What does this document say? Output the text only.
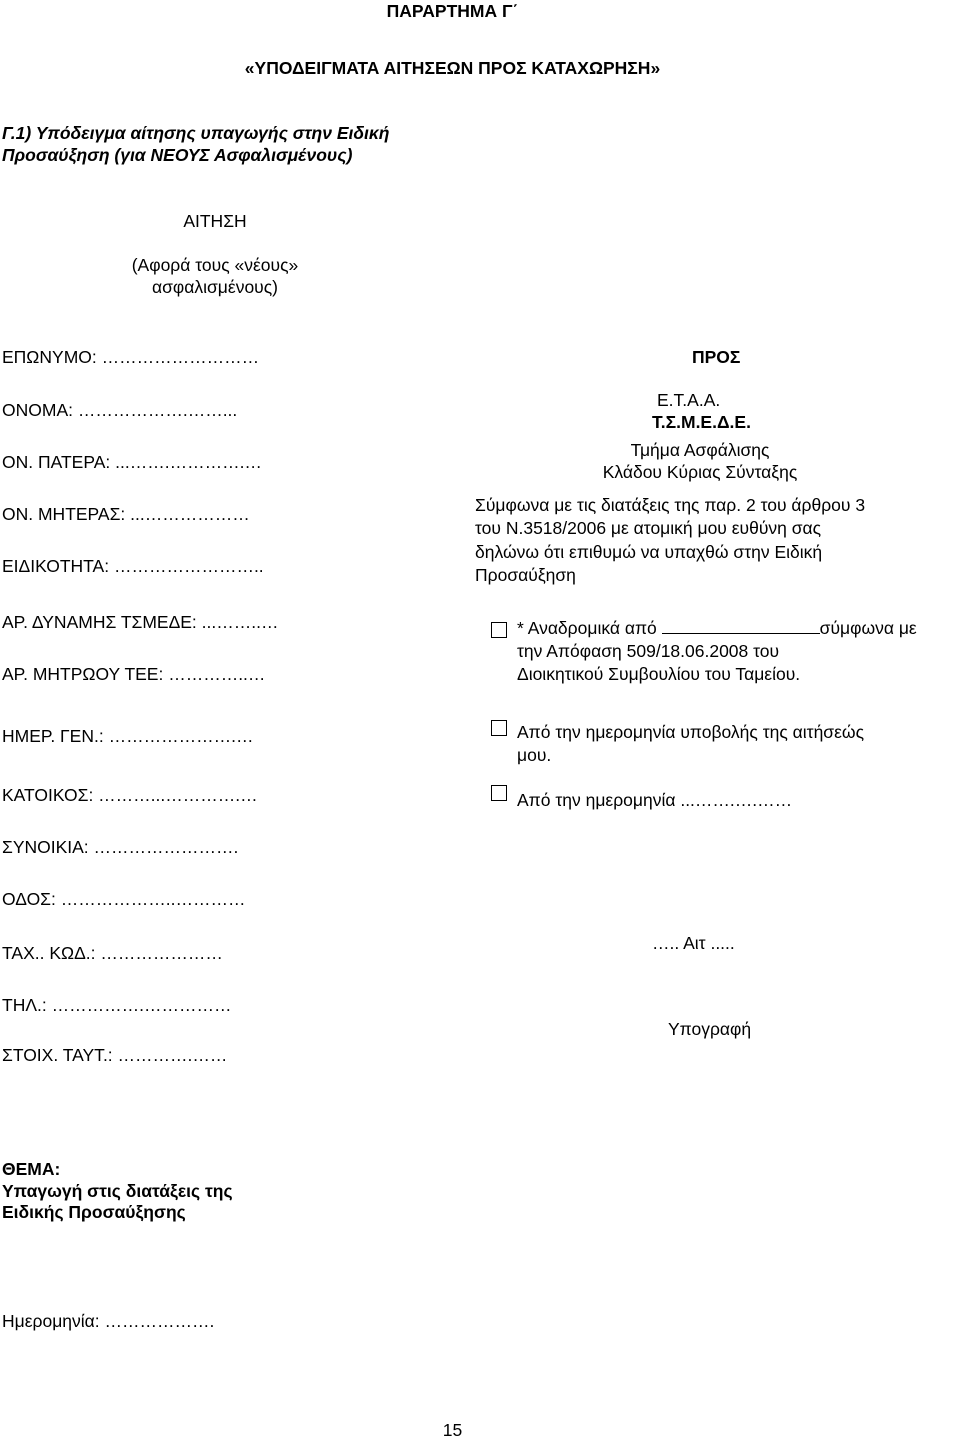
ΠΑΡΑΡΤΗΜΑ Γ΄
«ΥΠΟΔΕΙΓΜΑΤΑ ΑΙΤΗΣΕΩΝ ΠΡΟΣ ΚΑΤΑΧΩΡΗΣΗ»
Γ.1) Υπόδειγμα αίτησης υπαγωγής στην Ειδική
Προσαύξηση (για ΝΕΟΥΣ Ασφαλισμένους)
ΑΙΤΗΣΗ
(Αφορά τους «νέους»
ασφαλισμένους)
ΕΠΩΝΥΜΟ: ………………………
ΟΝΟΜΑ: ……………….……...
ΟΝ. ΠΑΤΕΡΑ: ...…….………….…
ΟΝ. ΜΗΤΕΡΑΣ: ...………………
ΕΙΔΙΚΟΤΗΤΑ: ……………………..
ΑΡ. ΔΥΝΑΜΗΣ ΤΣΜΕΔΕ: ...……..…
ΑΡ. ΜΗΤΡΩΟΥ ΤΕΕ: …………..…
ΗΜΕΡ. ΓΕΝ.: ………………….…
ΚΑΤΟΙΚΟΣ: ………...………….…
ΣΥΝΟΙΚΙΑ: …………………….
ΟΔΟΣ: ………………..…………
ΤΑΧ.. ΚΩΔ.: …………………
ΤΗΛ.: …………….……………
ΣΤΟΙΧ. ΤΑΥΤ.: ………….……
ΠΡΟΣ
Ε.Τ.Α.Α.
Τ.Σ.Μ.Ε.Δ.Ε.
Τμήμα Ασφάλισης
Κλάδου Κύριας Σύνταξης
Σύμφωνα με τις διατάξεις της παρ. 2 του άρθρου 3
του Ν.3518/2006 με ατομική μου ευθύνη σας
δηλώνω ότι επιθυμώ να υπαχθώ στην Ειδική
Προσαύξηση
* Αναδρομικά από	σύμφωνα με
την Απόφαση 509/18.06.2008 του
Διοικητικού Συμβουλίου του Ταμείου.
Από την ημερομηνία υποβολής της αιτήσεώς
μου.
Από την ημερομηνία ...…….….……
….. Αιτ .....
Υπογραφή
ΘΕΜΑ:
Υπαγωγή στις διατάξεις της
Ειδικής Προσαύξησης
Ημερομηνία: ……………….
15
